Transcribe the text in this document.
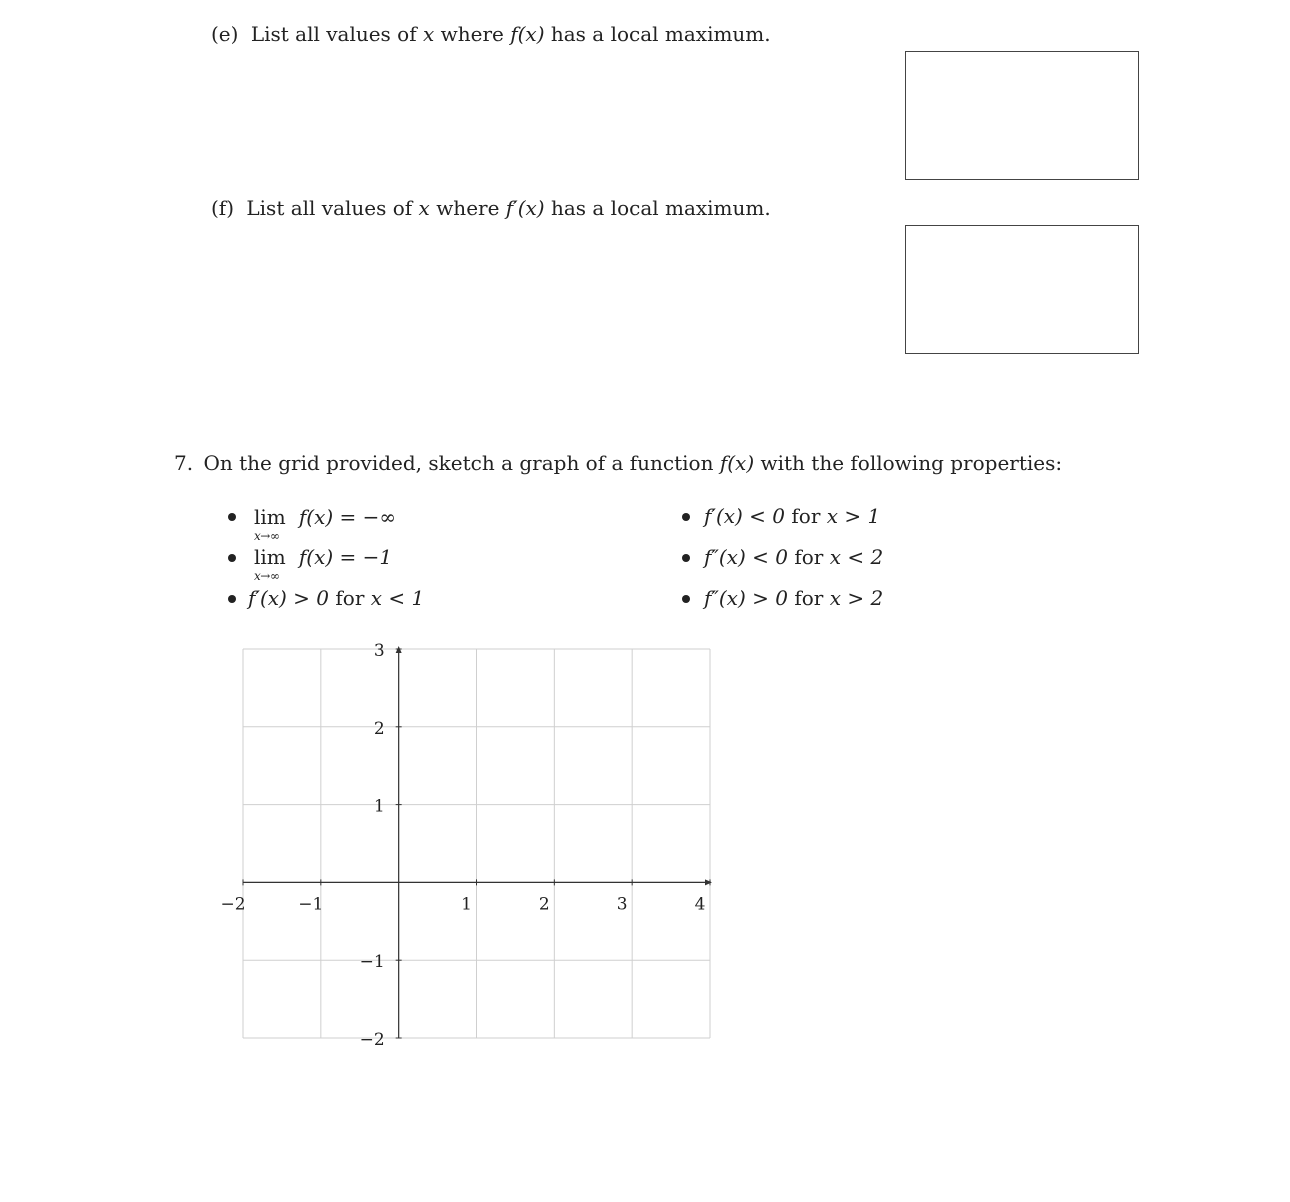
(e) List all values of x where f(x) has a local maximum.
(f) List all values of x where f′(x) has a local maximum.
7. On the grid provided, sketch a graph of a function f(x) with the following properties:
lim
x→∞
f(x) = −∞
lim
x→∞
f(x) = −1
f′(x) > 0 for x < 1
f′(x) < 0 for x > 1
f″(x) < 0 for x < 2
f″(x) > 0 for x > 2
−2	−1	1	2	3	4
3
2
1
−1
−2
